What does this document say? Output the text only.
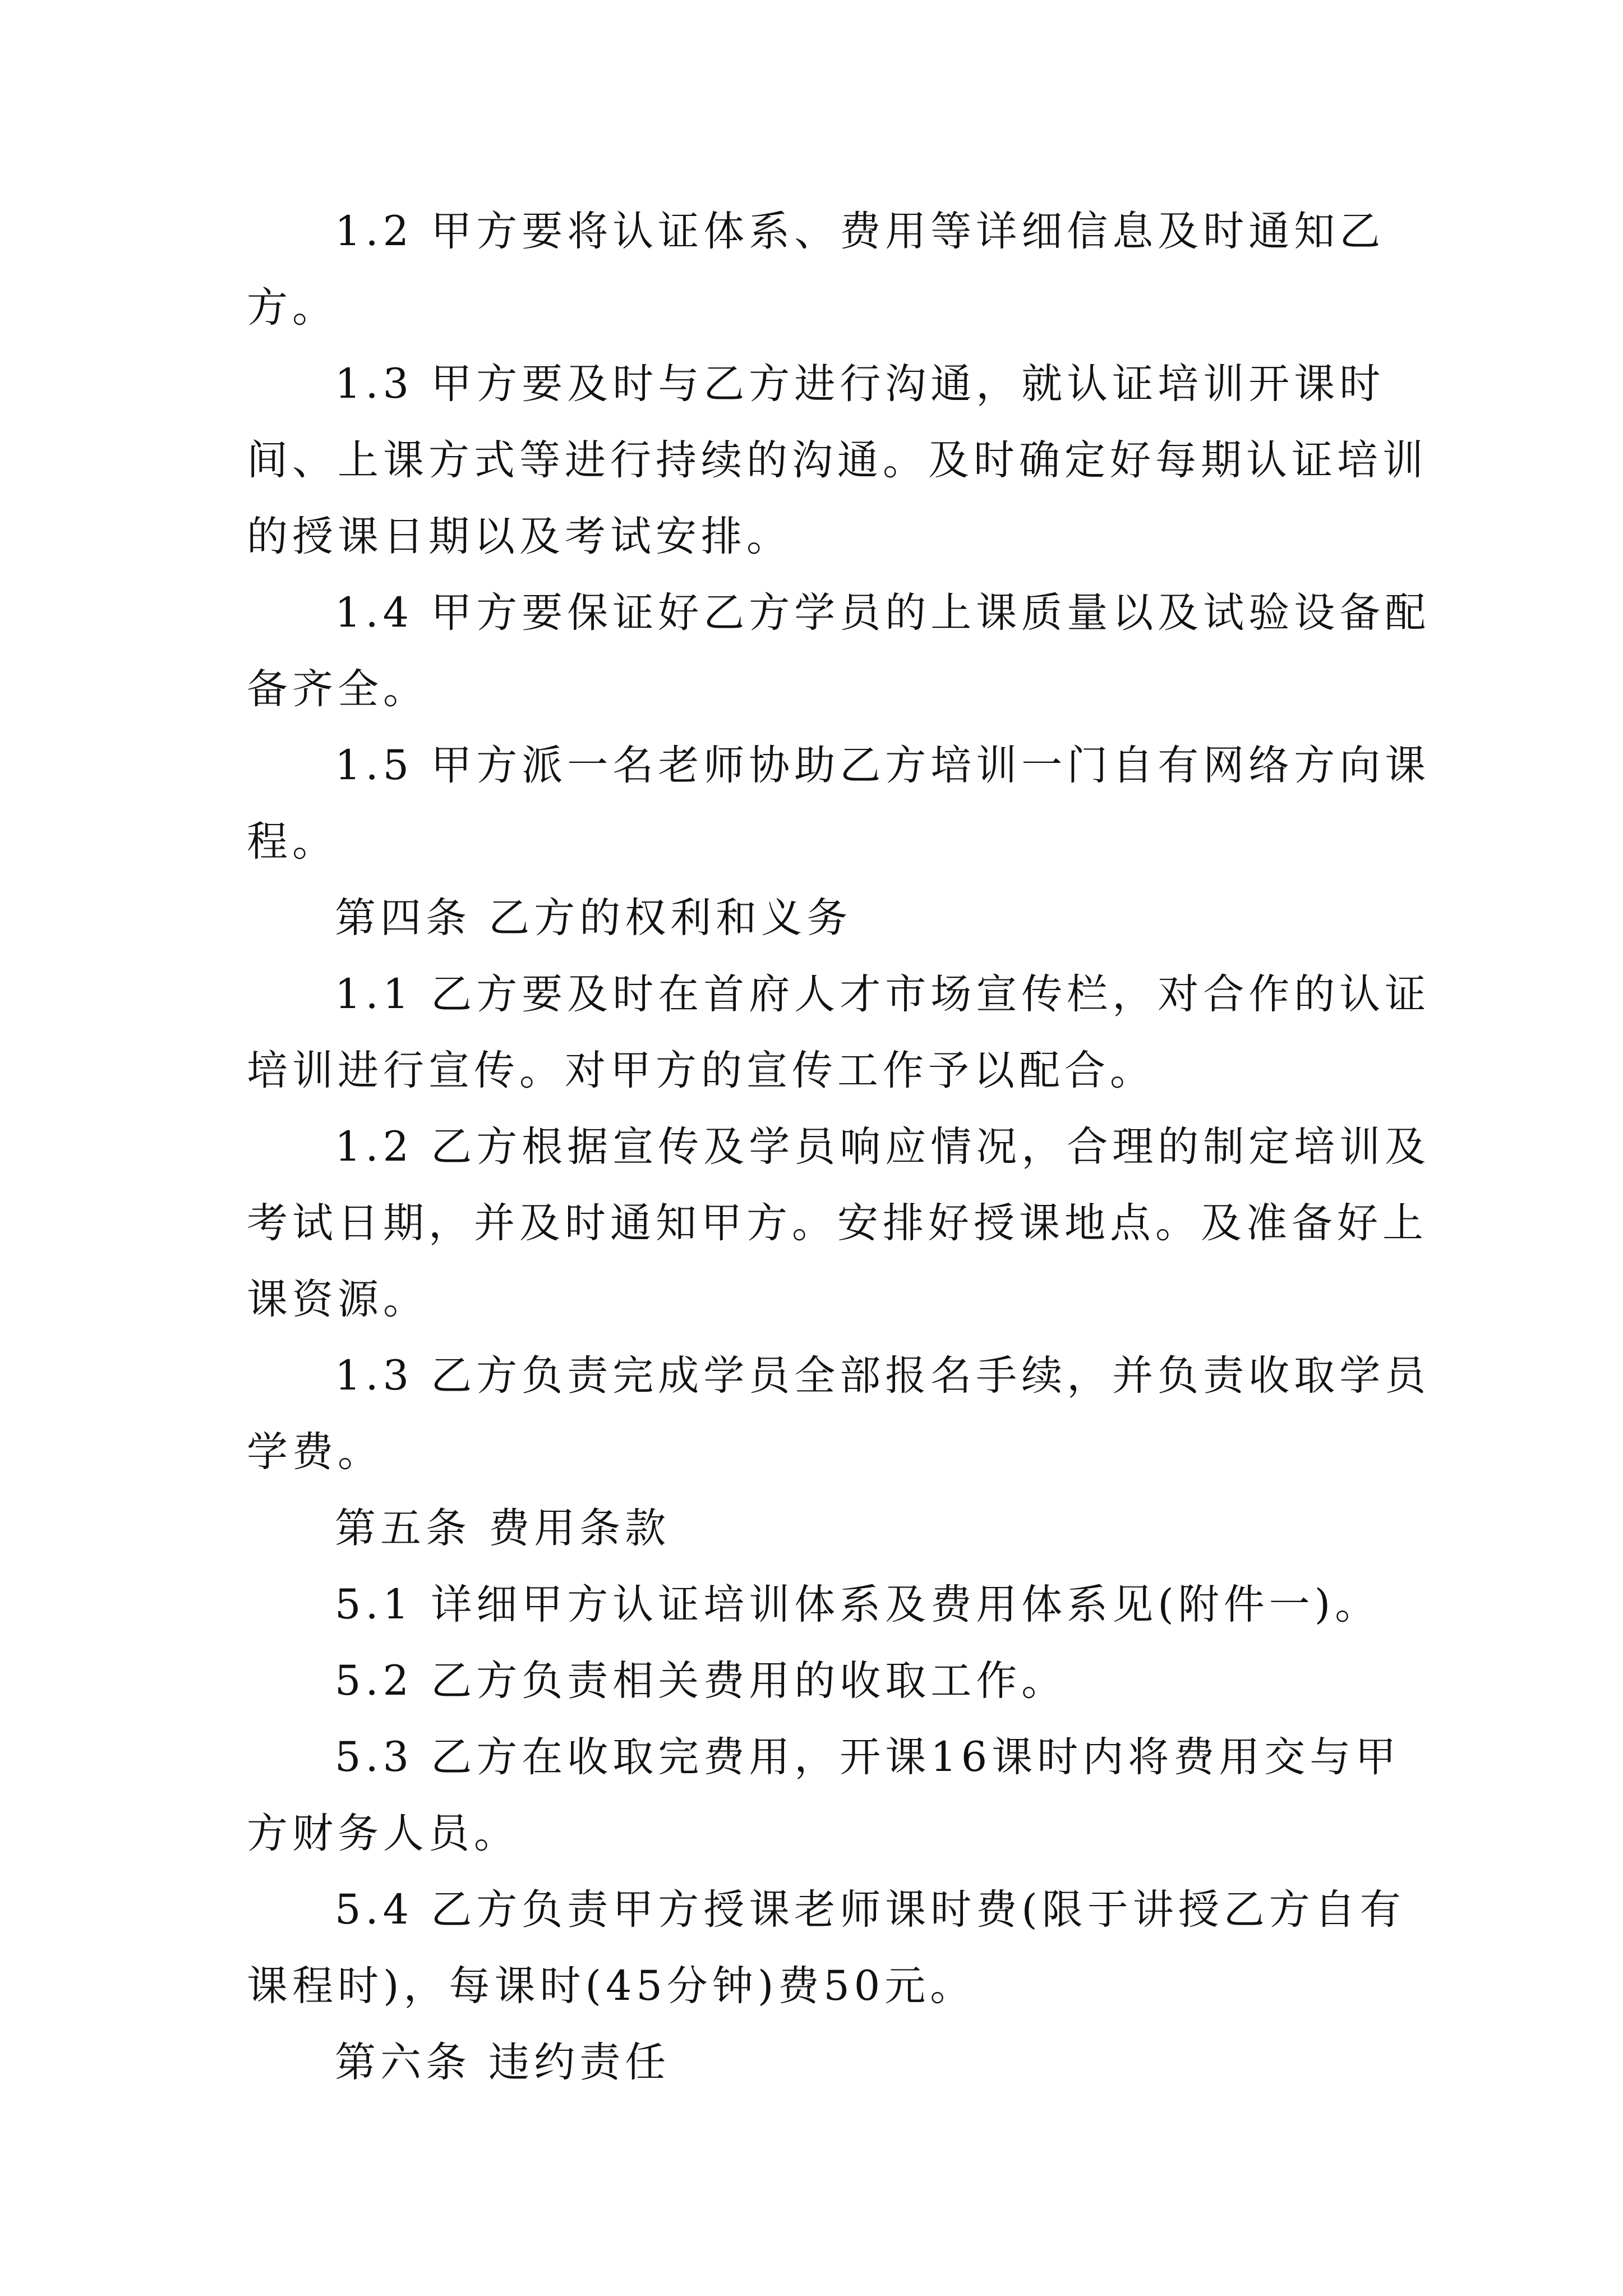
1.2 甲方要将认证体系、费用等详细信息及时通知乙方。

1.3 甲方要及时与乙方进行沟通，就认证培训开课时间、上课方式等进行持续的沟通。及时确定好每期认证培训的授课日期以及考试安排。

1.4 甲方要保证好乙方学员的上课质量以及试验设备配备齐全。

1.5 甲方派一名老师协助乙方培训一门自有网络方向课程。

第四条 乙方的权利和义务

1.1 乙方要及时在首府人才市场宣传栏，对合作的认证培训进行宣传。对甲方的宣传工作予以配合。

1.2 乙方根据宣传及学员响应情况，合理的制定培训及考试日期，并及时通知甲方。安排好授课地点。及准备好上课资源。

1.3 乙方负责完成学员全部报名手续，并负责收取学员学费。

第五条 费用条款

5.1 详细甲方认证培训体系及费用体系见(附件一)。

5.2 乙方负责相关费用的收取工作。

5.3 乙方在收取完费用，开课16课时内将费用交与甲方财务人员。

5.4 乙方负责甲方授课老师课时费(限于讲授乙方自有课程时)，每课时(45分钟)费50元。

第六条 违约责任
